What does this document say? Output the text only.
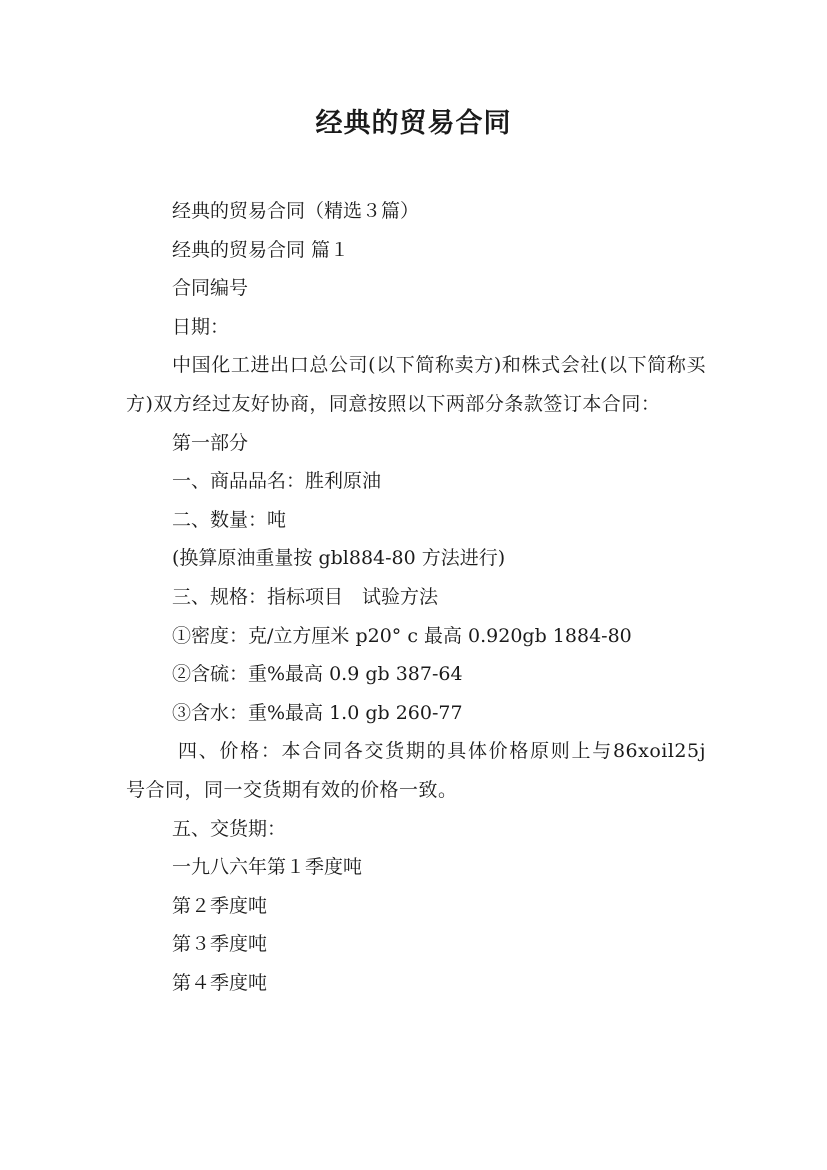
经典的贸易合同

经典的贸易合同（精选３篇）

经典的贸易合同 篇１

合同编号

日期：

中国化工进出口总公司(以下简称卖方)和株式会社(以下简称买方)双方经过友好协商，同意按照以下两部分条款签订本合同：

第一部分

一、商品品名：胜利原油

二、数量：吨

(换算原油重量按 gbl884-80 方法进行)

三、规格：指标项目　试验方法

①密度：克/立方厘米 p20° c 最高 0.920gb 1884-80

②含硫：重%最高 0.9 gb 387-64

③含水：重%最高 1.0 gb 260-77

四、价格：本合同各交货期的具体价格原则上与86xoil25j 号合同，同一交货期有效的价格一致。

五、交货期：

一九八六年第１季度吨

第２季度吨

第３季度吨

第４季度吨
